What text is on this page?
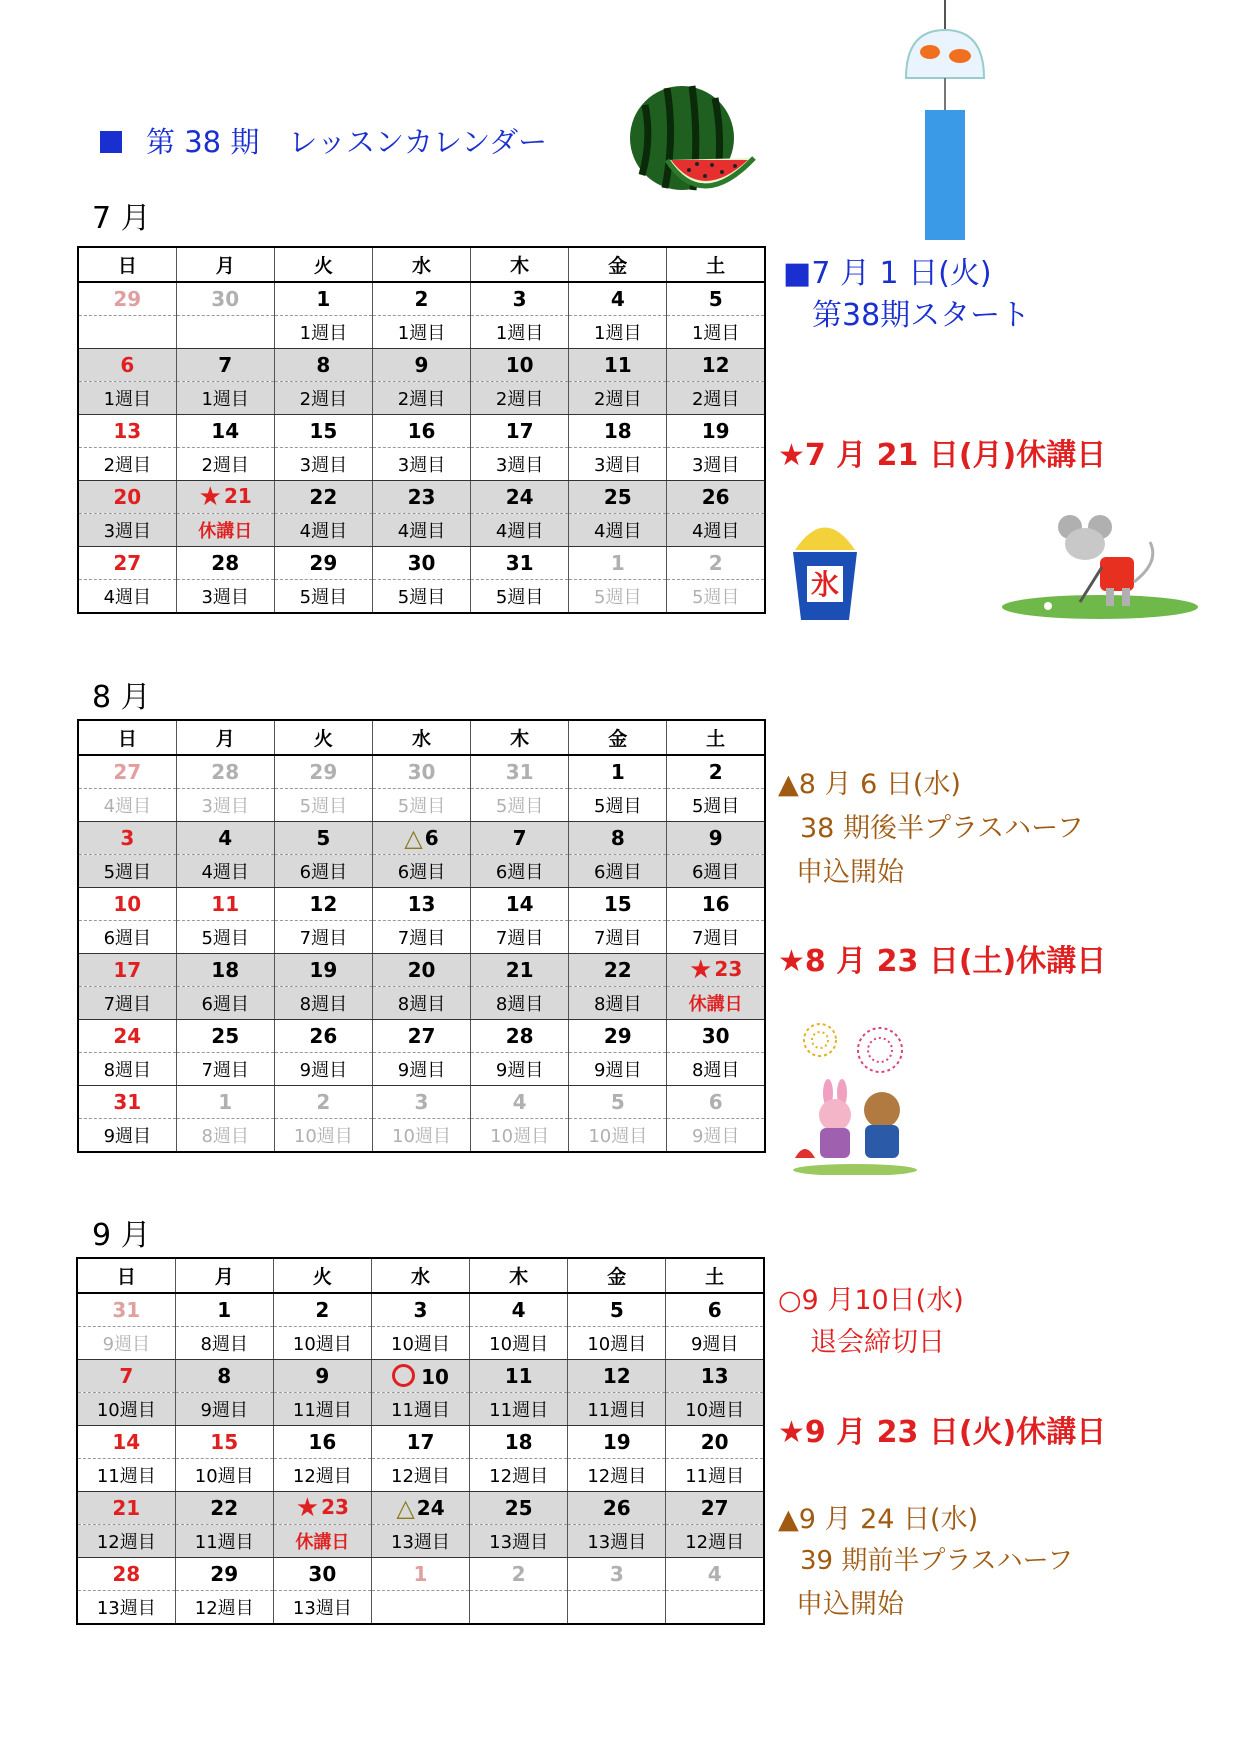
第 38 期　レッスンカレンダー
氷
7 月
日	月	火	水	木	金	土
29	30	1	2	3	4	5
		1週目	1週目	1週目	1週目	1週目
6	7	8	9	10	11	12
1週目	1週目	2週目	2週目	2週目	2週目	2週目
13	14	15	16	17	18	19
2週目	2週目	3週目	3週目	3週目	3週目	3週目
20	★ 21	22	23	24	25	26
3週目	休講日	4週目	4週目	4週目	4週目	4週目
27	28	29	30	31	1	2
4週目	3週目	5週目	5週目	5週目	5週目	5週目
8 月
日	月	火	水	木	金	土
27	28	29	30	31	1	2
4週目	3週目	5週目	5週目	5週目	5週目	5週目
3	4	5	△ 6	7	8	9
5週目	4週目	6週目	6週目	6週目	6週目	6週目
10	11	12	13	14	15	16
6週目	5週目	7週目	7週目	7週目	7週目	7週目
17	18	19	20	21	22	★ 23
7週目	6週目	8週目	8週目	8週目	8週目	休講日
24	25	26	27	28	29	30
8週目	7週目	9週目	9週目	9週目	9週目	8週目
31	1	2	3	4	5	6
9週目	8週目	10週目	10週目	10週目	10週目	9週目
9 月
日	月	火	水	木	金	土
31	1	2	3	4	5	6
9週目	8週目	10週目	10週目	10週目	10週目	9週目
7	8	9	10	11	12	13
10週目	9週目	11週目	11週目	11週目	11週目	10週目
14	15	16	17	18	19	20
11週目	10週目	12週目	12週目	12週目	12週目	11週目
21	22	★ 23	△ 24	25	26	27
12週目	11週目	休講日	13週目	13週目	13週目	12週目
28	29	30	1	2	3	4
13週目	12週目	13週目				
■7 月 1 日(火)
第38期スタート
★7 月 21 日(月)休講日
▲8 月 6 日(水)
38 期後半プラスハーフ
申込開始
★8 月 23 日(土)休講日
○9 月10日(水)
退会締切日
★9 月 23 日(火)休講日
▲9 月 24 日(水)
39 期前半プラスハーフ
申込開始
